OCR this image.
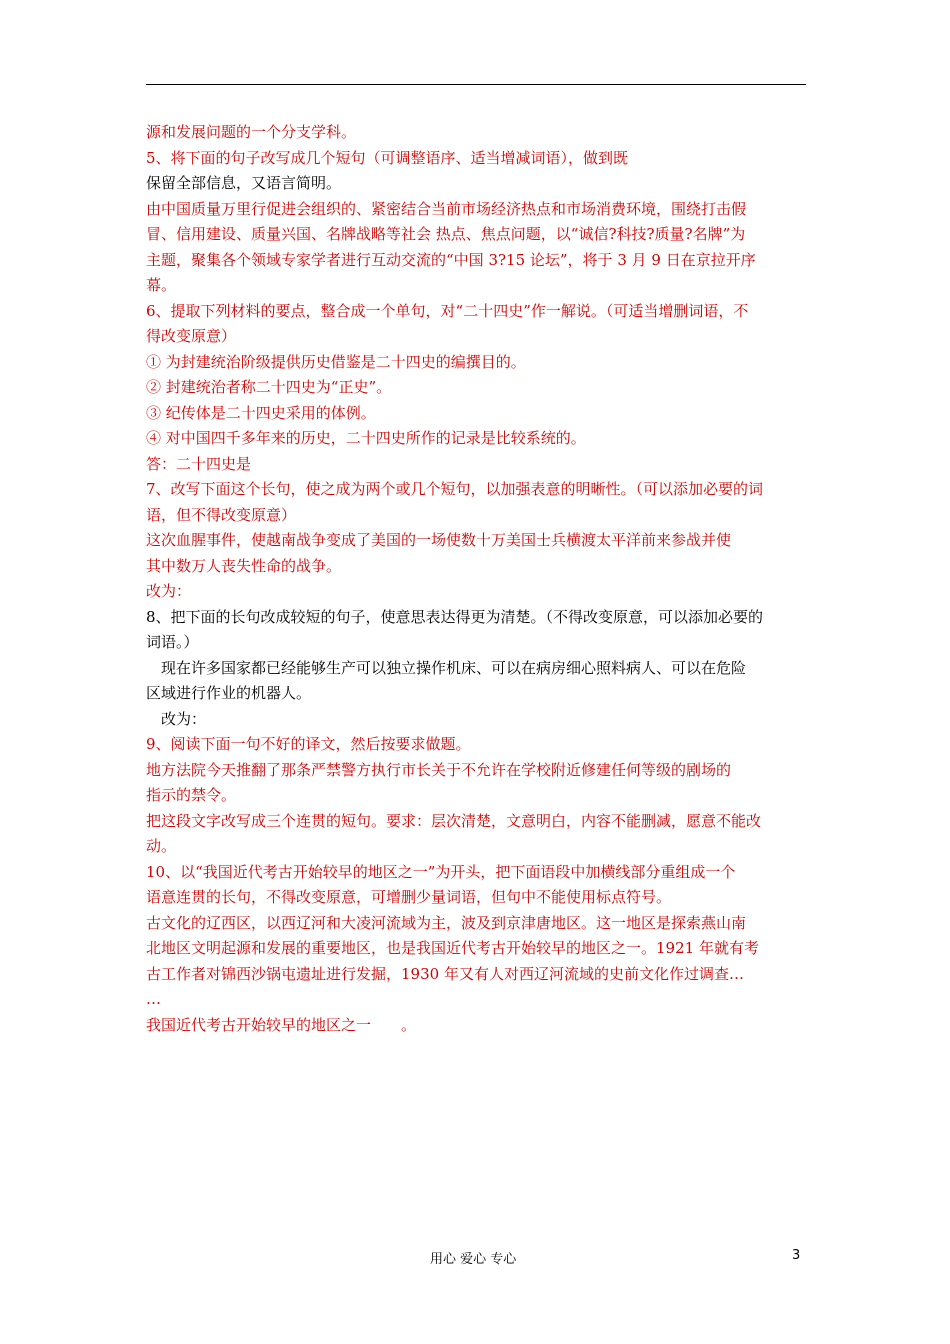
源和发展问题的一个分支学科。
5、将下面的句子改写成几个短句（可调整语序、适当增减词语），做到既
保留全部信息，又语言简明。
由中国质量万里行促进会组织的、紧密结合当前市场经济热点和市场消费环境，围绕打击假
冒、信用建设、质量兴国、名牌战略等社会 热点、焦点问题，以“诚信?科技?质量?名牌”为
主题，聚集各个领域专家学者进行互动交流的“中国 3?15 论坛”，将于 3 月 9 日在京拉开序
幕。
6、提取下列材料的要点，整合成一个单句，对“二十四史”作一解说。（可适当增删词语，不
得改变原意）
① 为封建统治阶级提供历史借鉴是二十四史的编撰目的。
② 封建统治者称二十四史为“正史”。
③ 纪传体是二十四史采用的体例。
④ 对中国四千多年来的历史，二十四史所作的记录是比较系统的。
答：二十四史是
7、改写下面这个长句，使之成为两个或几个短句，以加强表意的明晰性。（可以添加必要的词
语，但不得改变原意）
这次血腥事件，使越南战争变成了美国的一场使数十万美国士兵横渡太平洋前来参战并使
其中数万人丧失性命的战争。
改为：
8、把下面的长句改成较短的句子，使意思表达得更为清楚。（不得改变原意，可以添加必要的
词语。）
现在许多国家都已经能够生产可以独立操作机床、可以在病房细心照料病人、可以在危险
区域进行作业的机器人。
改为：
9、阅读下面一句不好的译文，然后按要求做题。
地方法院今天推翻了那条严禁警方执行市长关于不允许在学校附近修建任何等级的剧场的
指示的禁令。
把这段文字改写成三个连贯的短句。要求：层次清楚，文意明白，内容不能删减，愿意不能改
动。
10、以“我国近代考古开始较早的地区之一”为开头，把下面语段中加横线部分重组成一个
语意连贯的长句，不得改变原意，可增删少量词语，但句中不能使用标点符号。
古文化的辽西区，以西辽河和大凌河流域为主，波及到京津唐地区。这一地区是探索燕山南
北地区文明起源和发展的重要地区，也是我国近代考古开始较早的地区之一。1921 年就有考
古工作者对锦西沙锅屯遗址进行发掘，1930 年又有人对西辽河流域的史前文化作过调查…
…
我国近代考古开始较早的地区之一　　。
用心 爱心 专心	3
